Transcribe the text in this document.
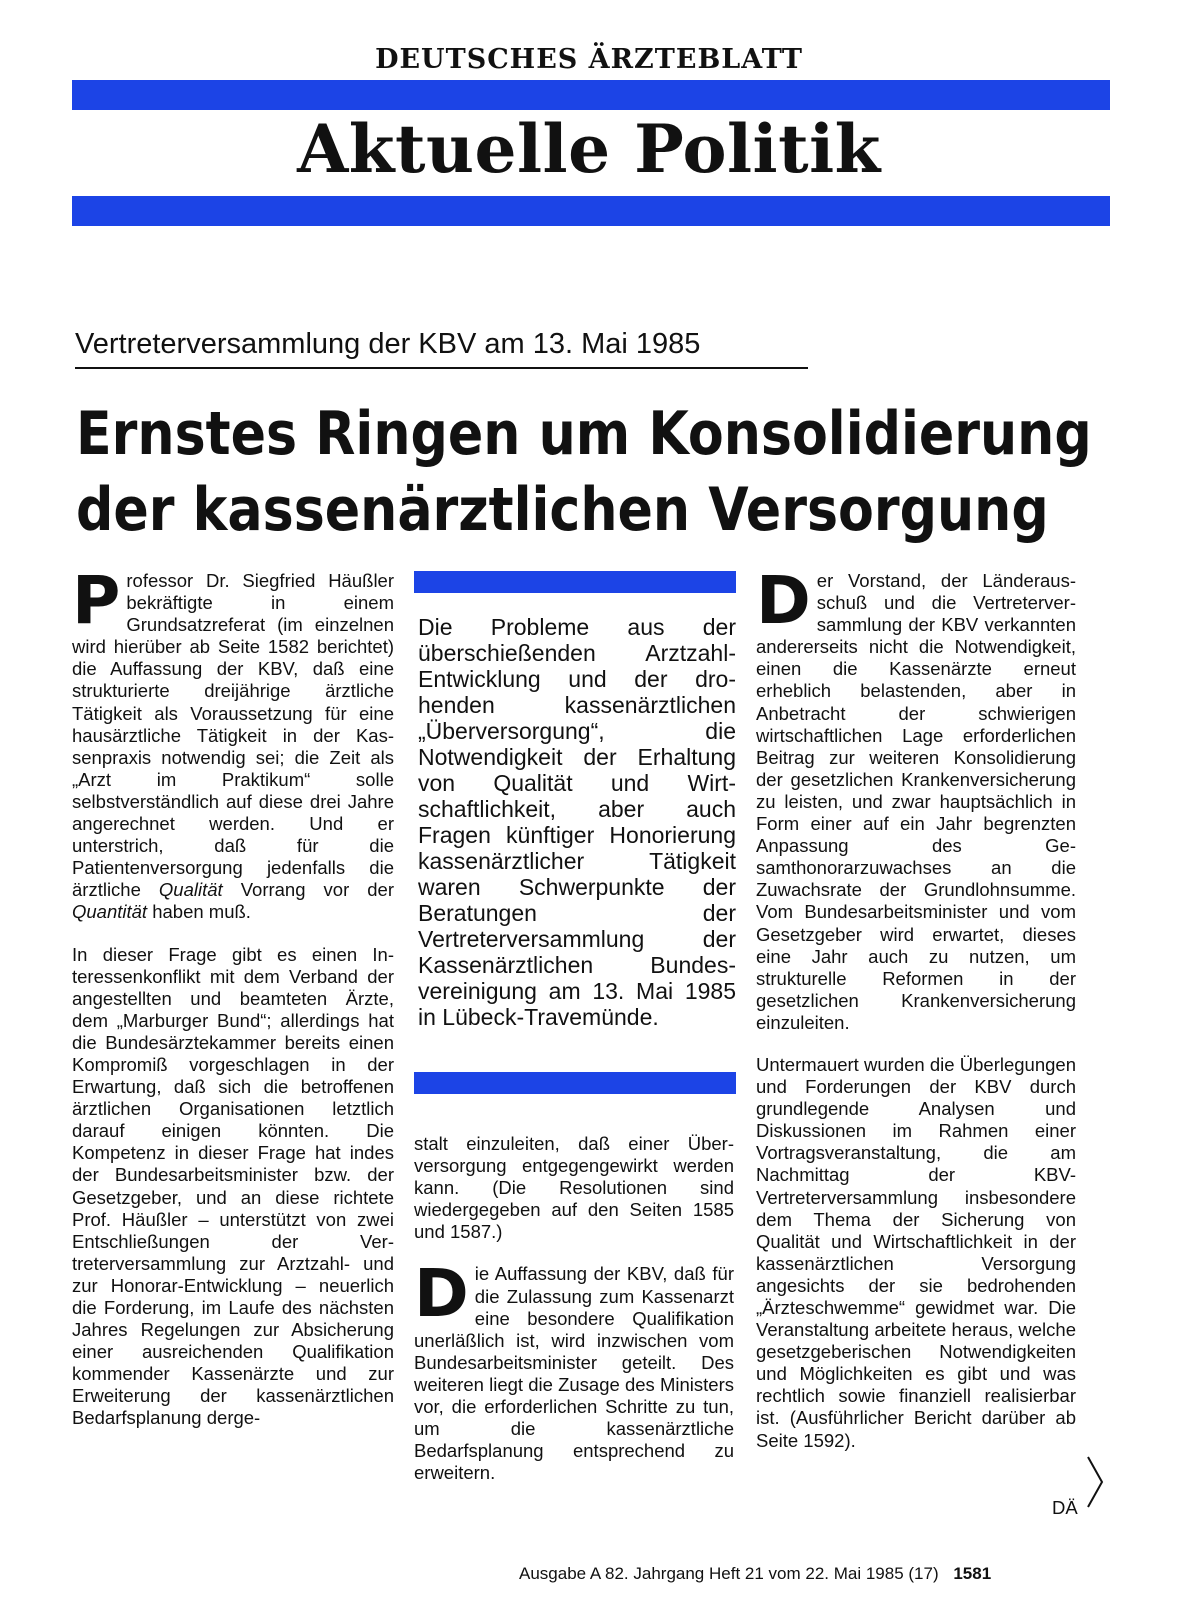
DEUTSCHES ÄRZTEBLATT
Aktuelle Politik
Vertreterversammlung der KBV am 13. Mai 1985
Ernstes Ringen um Konsolidierung
der kassenärztlichen Versorgung

Professor Dr. Siegfried Häußler bekräftigte in einem Grundsatzreferat (im einzelnen wird hierüber ab Seite 1582 berichtet) die Auffassung der KBV, daß eine strukturierte dreijährige ärztliche Tätigkeit als Voraussetzung für eine hausärztliche Tätigkeit in der Kassenpraxis notwendig sei; die Zeit als „Arzt im Praktikum“ solle selbstverständlich auf diese drei Jahre angerechnet werden. Und er unterstrich, daß für die Patientenversorgung jedenfalls die ärztliche Qualität Vorrang vor der Quantität haben muß.

In dieser Frage gibt es einen Interessenkonflikt mit dem Verband der angestellten und beamteten Ärzte, dem „Marburger Bund“; allerdings hat die Bundesärztekammer bereits einen Kompromiß vorgeschlagen in der Erwartung, daß sich die betroffenen ärztlichen Organisationen letztlich darauf einigen könnten. Die Kompetenz in dieser Frage hat indes der Bundesarbeitsminister bzw. der Gesetzgeber, und an diese richtete Prof. Häußler – unterstützt von zwei Entschließungen der Vertreterversammlung zur Arztzahl- und zur Honorar-Entwicklung – neuerlich die Forderung, im Laufe des nächsten Jahres Regelungen zur Absicherung einer ausreichenden Qualifikation kommender Kassenärzte und zur Erweiterung der kassenärztlichen Bedarfsplanung derge-

Die Probleme aus der überschießenden Arztzahl-Entwicklung und der drohenden kassenärztlichen „Überversorgung“, die Notwendigkeit der Erhaltung von Qualität und Wirtschaftlichkeit, aber auch Fragen künftiger Honorierung kassenärztlicher Tätigkeit waren Schwerpunkte der Beratungen der Vertreterversammlung der Kassenärztlichen Bundesvereinigung am 13. Mai 1985 in Lübeck-Travemünde.

stalt einzuleiten, daß einer Überversorgung entgegengewirkt werden kann. (Die Resolutionen sind wiedergegeben auf den Seiten 1585 und 1587.)

Die Auffassung der KBV, daß für die Zulassung zum Kassenarzt eine besondere Qualifikation unerläßlich ist, wird inzwischen vom Bundesarbeitsminister geteilt. Des weiteren liegt die Zusage des Ministers vor, die erforderlichen Schritte zu tun, um die kassenärztliche Bedarfsplanung entsprechend zu erweitern.

Der Vorstand, der Länderausschuß und die Vertreterversammlung der KBV verkannten andererseits nicht die Notwendigkeit, einen die Kassenärzte erneut erheblich belastenden, aber in Anbetracht der schwierigen wirtschaftlichen Lage erforderlichen Beitrag zur weiteren Konsolidierung der gesetzlichen Krankenversicherung zu leisten, und zwar hauptsächlich in Form einer auf ein Jahr begrenzten Anpassung des Gesamthonorarzuwachses an die Zuwachsrate der Grundlohnsumme. Vom Bundesarbeitsminister und vom Gesetzgeber wird erwartet, dieses eine Jahr auch zu nutzen, um strukturelle Reformen in der gesetzlichen Krankenversicherung einzuleiten.

Untermauert wurden die Überlegungen und Forderungen der KBV durch grundlegende Analysen und Diskussionen im Rahmen einer Vortragsveranstaltung, die am Nachmittag der KBV-Vertreterversammlung insbesondere dem Thema der Sicherung von Qualität und Wirtschaftlichkeit in der kassenärztlichen Versorgung angesichts der sie bedrohenden „Ärzteschwemme“ gewidmet war. Die Veranstaltung arbeitete heraus, welche gesetzgeberischen Notwendigkeiten und Möglichkeiten es gibt und was rechtlich sowie finanziell realisierbar ist. (Ausführlicher Bericht darüber ab Seite 1592).

DÄ
Ausgabe A 82. Jahrgang Heft 21 vom 22. Mai 1985 (17) 1581
